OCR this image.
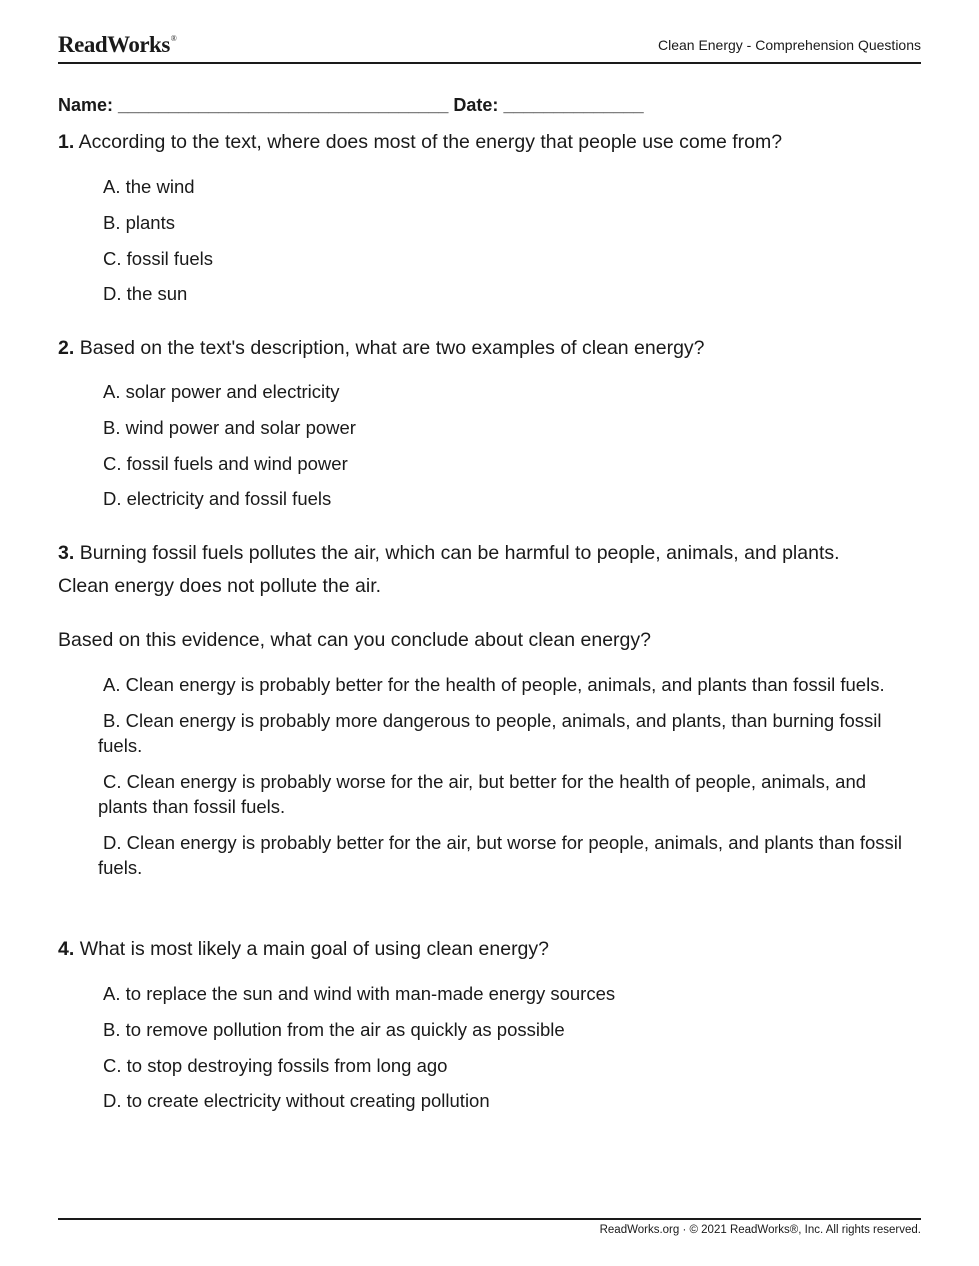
ReadWorks®	Clean Energy - Comprehension Questions
Name: _________________________________ Date: ______________
1. According to the text, where does most of the energy that people use come from?
A. the wind
B. plants
C. fossil fuels
D. the sun
2. Based on the text's description, what are two examples of clean energy?
A. solar power and electricity
B. wind power and solar power
C. fossil fuels and wind power
D. electricity and fossil fuels
3. Burning fossil fuels pollutes the air, which can be harmful to people, animals, and plants. Clean energy does not pollute the air.
Based on this evidence, what can you conclude about clean energy?
A. Clean energy is probably better for the health of people, animals, and plants than fossil fuels.
B. Clean energy is probably more dangerous to people, animals, and plants, than burning fossil fuels.
C. Clean energy is probably worse for the air, but better for the health of people, animals, and plants than fossil fuels.
D. Clean energy is probably better for the air, but worse for people, animals, and plants than fossil fuels.
4. What is most likely a main goal of using clean energy?
A. to replace the sun and wind with man-made energy sources
B. to remove pollution from the air as quickly as possible
C. to stop destroying fossils from long ago
D. to create electricity without creating pollution
ReadWorks.org · © 2021 ReadWorks®, Inc. All rights reserved.
